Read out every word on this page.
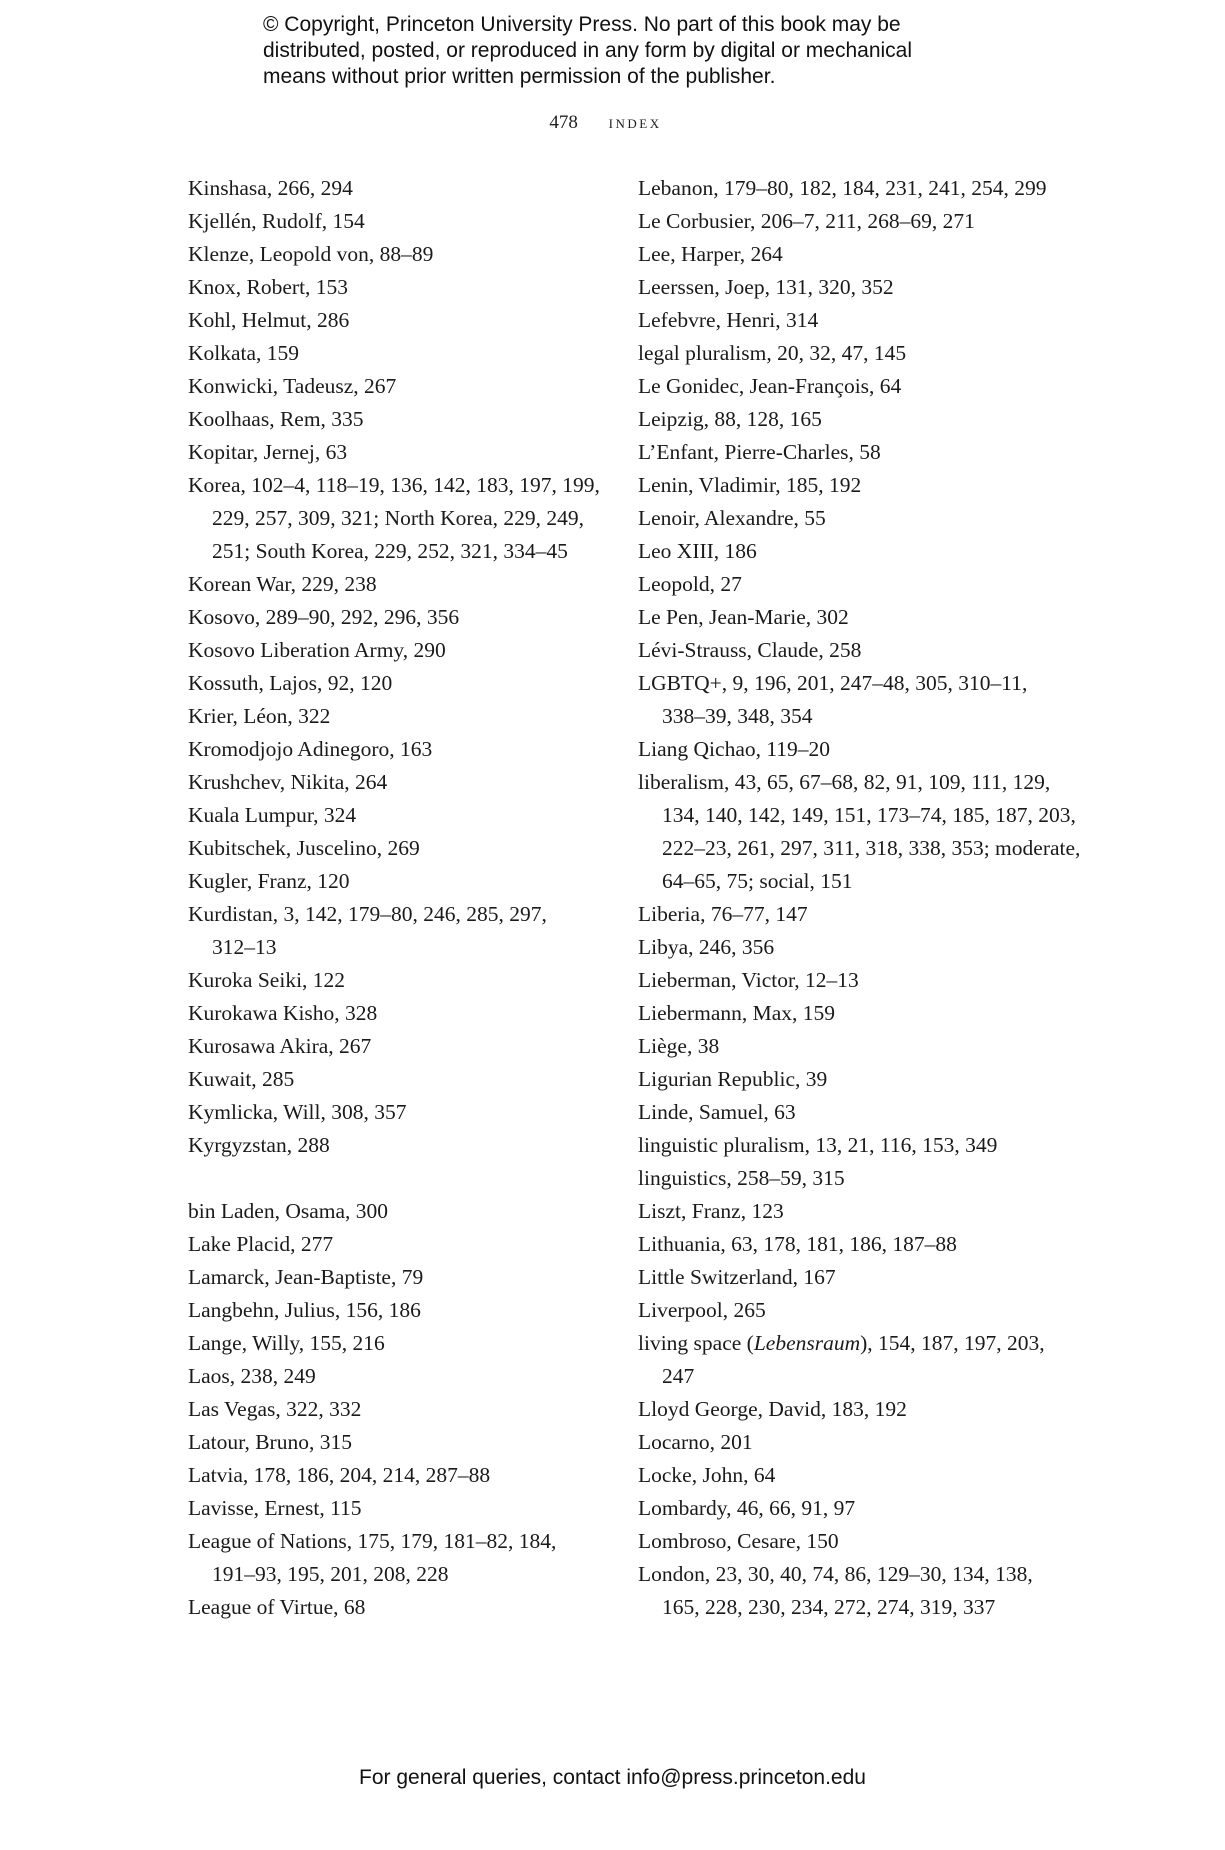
© Copyright, Princeton University Press. No part of this book may be
distributed, posted, or reproduced in any form by digital or mechanical
means without prior written permission of the publisher.
478 index
Kinshasa, 266, 294
Kjellén, Rudolf, 154
Klenze, Leopold von, 88–89
Knox, Robert, 153
Kohl, Helmut, 286
Kolkata, 159
Konwicki, Tadeusz, 267
Koolhaas, Rem, 335
Kopitar, Jernej, 63
Korea, 102–4, 118–19, 136, 142, 183, 197, 199,
229, 257, 309, 321; North Korea, 229, 249,
251; South Korea, 229, 252, 321, 334–45
Korean War, 229, 238
Kosovo, 289–90, 292, 296, 356
Kosovo Liberation Army, 290
Kossuth, Lajos, 92, 120
Krier, Léon, 322
Kromodjojo Adinegoro, 163
Krushchev, Nikita, 264
Kuala Lumpur, 324
Kubitschek, Juscelino, 269
Kugler, Franz, 120
Kurdistan, 3, 142, 179–80, 246, 285, 297,
312–13
Kuroka Seiki, 122
Kurokawa Kisho, 328
Kurosawa Akira, 267
Kuwait, 285
Kymlicka, Will, 308, 357
Kyrgyzstan, 288
bin Laden, Osama, 300
Lake Placid, 277
Lamarck, Jean-Baptiste, 79
Langbehn, Julius, 156, 186
Lange, Willy, 155, 216
Laos, 238, 249
Las Vegas, 322, 332
Latour, Bruno, 315
Latvia, 178, 186, 204, 214, 287–88
Lavisse, Ernest, 115
League of Nations, 175, 179, 181–82, 184,
191–93, 195, 201, 208, 228
League of Virtue, 68
Lebanon, 179–80, 182, 184, 231, 241, 254, 299
Le Corbusier, 206–7, 211, 268–69, 271
Lee, Harper, 264
Leerssen, Joep, 131, 320, 352
Lefebvre, Henri, 314
legal pluralism, 20, 32, 47, 145
Le Gonidec, Jean-François, 64
Leipzig, 88, 128, 165
L’Enfant, Pierre-Charles, 58
Lenin, Vladimir, 185, 192
Lenoir, Alexandre, 55
Leo XIII, 186
Leopold, 27
Le Pen, Jean-Marie, 302
Lévi-Strauss, Claude, 258
LGBTQ+, 9, 196, 201, 247–48, 305, 310–11,
338–39, 348, 354
Liang Qichao, 119–20
liberalism, 43, 65, 67–68, 82, 91, 109, 111, 129,
134, 140, 142, 149, 151, 173–74, 185, 187, 203,
222–23, 261, 297, 311, 318, 338, 353; moderate,
64–65, 75; social, 151
Liberia, 76–77, 147
Libya, 246, 356
Lieberman, Victor, 12–13
Liebermann, Max, 159
Liège, 38
Ligurian Republic, 39
Linde, Samuel, 63
linguistic pluralism, 13, 21, 116, 153, 349
linguistics, 258–59, 315
Liszt, Franz, 123
Lithuania, 63, 178, 181, 186, 187–88
Little Switzerland, 167
Liverpool, 265
living space (Lebensraum), 154, 187, 197, 203,
247
Lloyd George, David, 183, 192
Locarno, 201
Locke, John, 64
Lombardy, 46, 66, 91, 97
Lombroso, Cesare, 150
London, 23, 30, 40, 74, 86, 129–30, 134, 138,
165, 228, 230, 234, 272, 274, 319, 337
For general queries, contact info@press.princeton.edu
